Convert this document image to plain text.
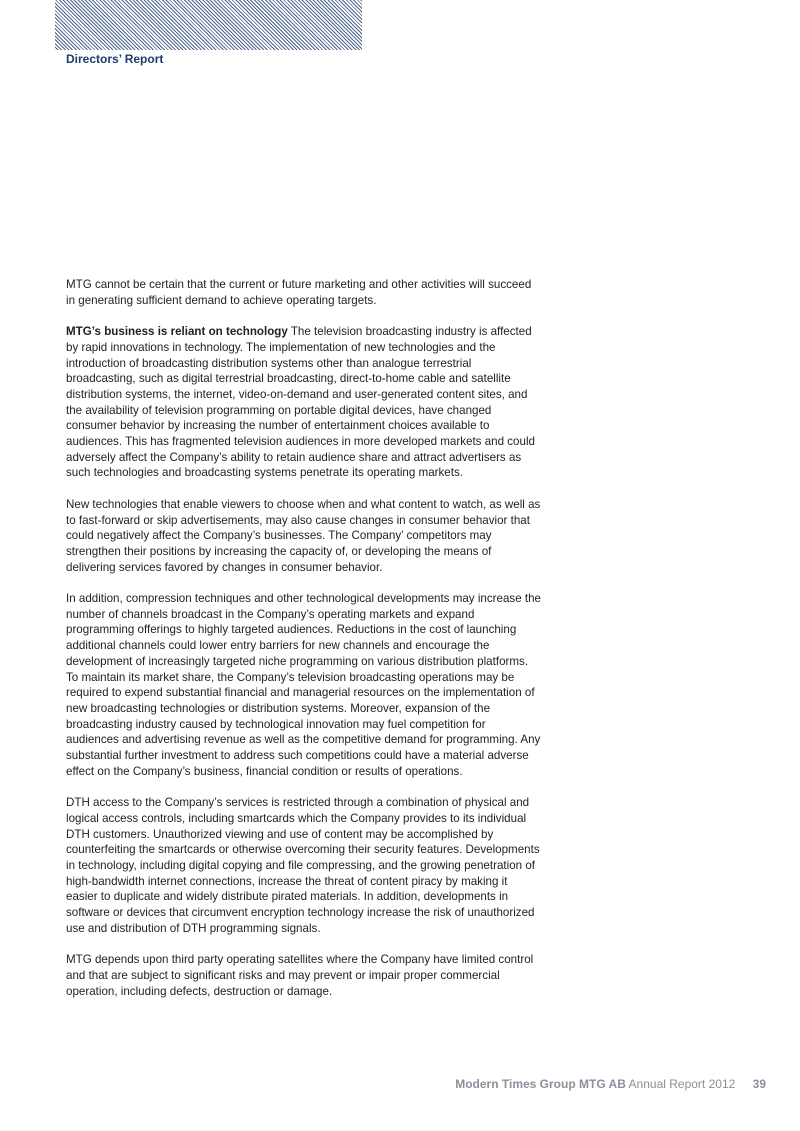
Directors’ Report

MTG cannot be certain that the current or future marketing and other activities will succeed in generating sufficient demand to achieve operating targets.

MTG’s business is reliant on technology The television broadcasting industry is affected by rapid innovations in technology. The implementation of new technologies and the introduction of broadcasting distribution systems other than analogue terrestrial broadcasting, such as digital terrestrial broadcasting, direct-to-home cable and satellite distribution systems, the internet, video-on-demand and user-generated content sites, and the availability of television programming on portable digital devices, have changed consumer behavior by increasing the number of entertainment choices available to audiences. This has fragmented television audiences in more developed markets and could adversely affect the Company’s ability to retain audience share and attract advertisers as such technologies and broadcasting systems penetrate its operating markets.

New technologies that enable viewers to choose when and what content to watch, as well as to fast-forward or skip advertisements, may also cause changes in consumer behavior that could negatively affect the Company’s businesses. The Company’ competitors may strengthen their positions by increasing the capacity of, or developing the means of delivering services favored by changes in consumer behavior.

In addition, compression techniques and other technological developments may increase the number of channels broadcast in the Company’s operating markets and expand programming offerings to highly targeted audiences. Reductions in the cost of launching additional channels could lower entry barriers for new channels and encourage the development of increasingly targeted niche programming on various distribution platforms. To maintain its market share, the Company’s television broadcasting operations may be required to expend substantial financial and managerial resources on the implementation of new broadcasting technologies or distribution systems. Moreover, expansion of the broadcasting industry caused by technological innovation may fuel competition for audiences and advertising revenue as well as the competitive demand for programming. Any substantial further investment to address such competitions could have a material adverse effect on the Company’s business, financial condition or results of operations.

DTH access to the Company’s services is restricted through a combination of physical and logical access controls, including smartcards which the Company provides to its individual DTH customers. Unauthorized viewing and use of content may be accomplished by counterfeiting the smartcards or otherwise overcoming their security features. Developments in technology, including digital copying and file compressing, and the growing penetration of high-bandwidth internet connections, increase the threat of content piracy by making it easier to duplicate and widely distribute pirated materials. In addition, developments in software or devices that circumvent encryption technology increase the risk of unauthorized use and distribution of DTH programming signals.

MTG depends upon third party operating satellites where the Company have limited control and that are subject to significant risks and may prevent or impair proper commercial operation, including defects, destruction or damage.

Modern Times Group MTG AB Annual Report 2012 39
